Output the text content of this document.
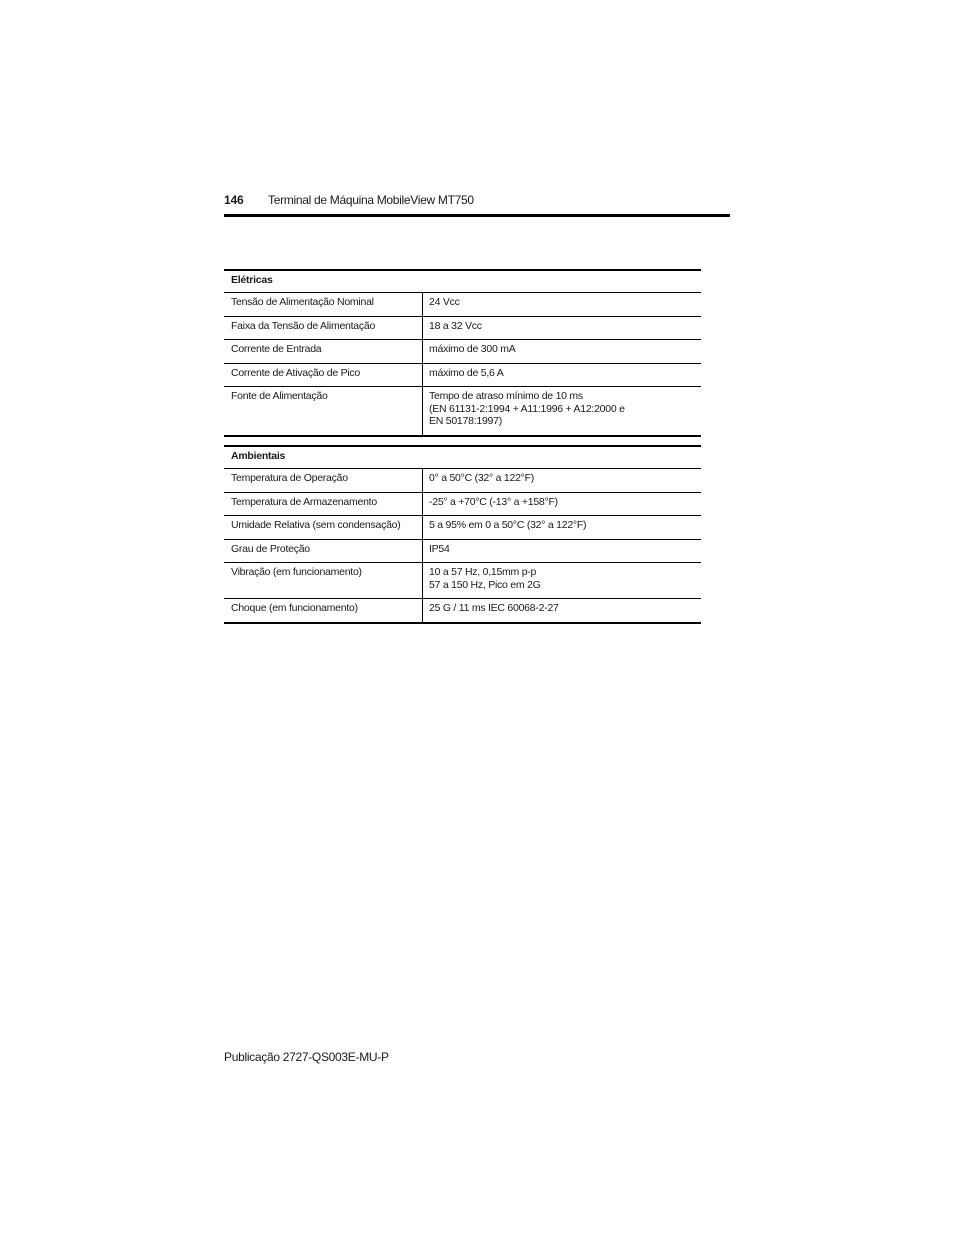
146 Terminal de Máquina MobileView MT750
Elétricas	
Tensão de Alimentação Nominal	24 Vcc
Faixa da Tensão de Alimentação	18 a 32 Vcc
Corrente de Entrada	máximo de 300 mA
Corrente de Ativação de Pico	máximo de 5,6 A
Fonte de Alimentação	Tempo de atraso mínimo de 10 ms
(EN 61131-2:1994 + A11:1996 + A12:2000 e
EN 50178:1997)
Ambientais	
Temperatura de Operação	0° a 50°C (32° a 122°F)
Temperatura de Armazenamento	-25° a +70°C (-13° a +158°F)
Umidade Relativa (sem condensação)	5 a 95% em 0 a 50°C (32° a 122°F)
Grau de Proteção	IP54
Vibração (em funcionamento)	10 a 57 Hz, 0,15mm p-p
57 a 150 Hz, Pico em 2G

Choque (em funcionamento)	25 G / 11 ms IEC 60068-2-27
Publicação 2727-QS003E-MU-P
